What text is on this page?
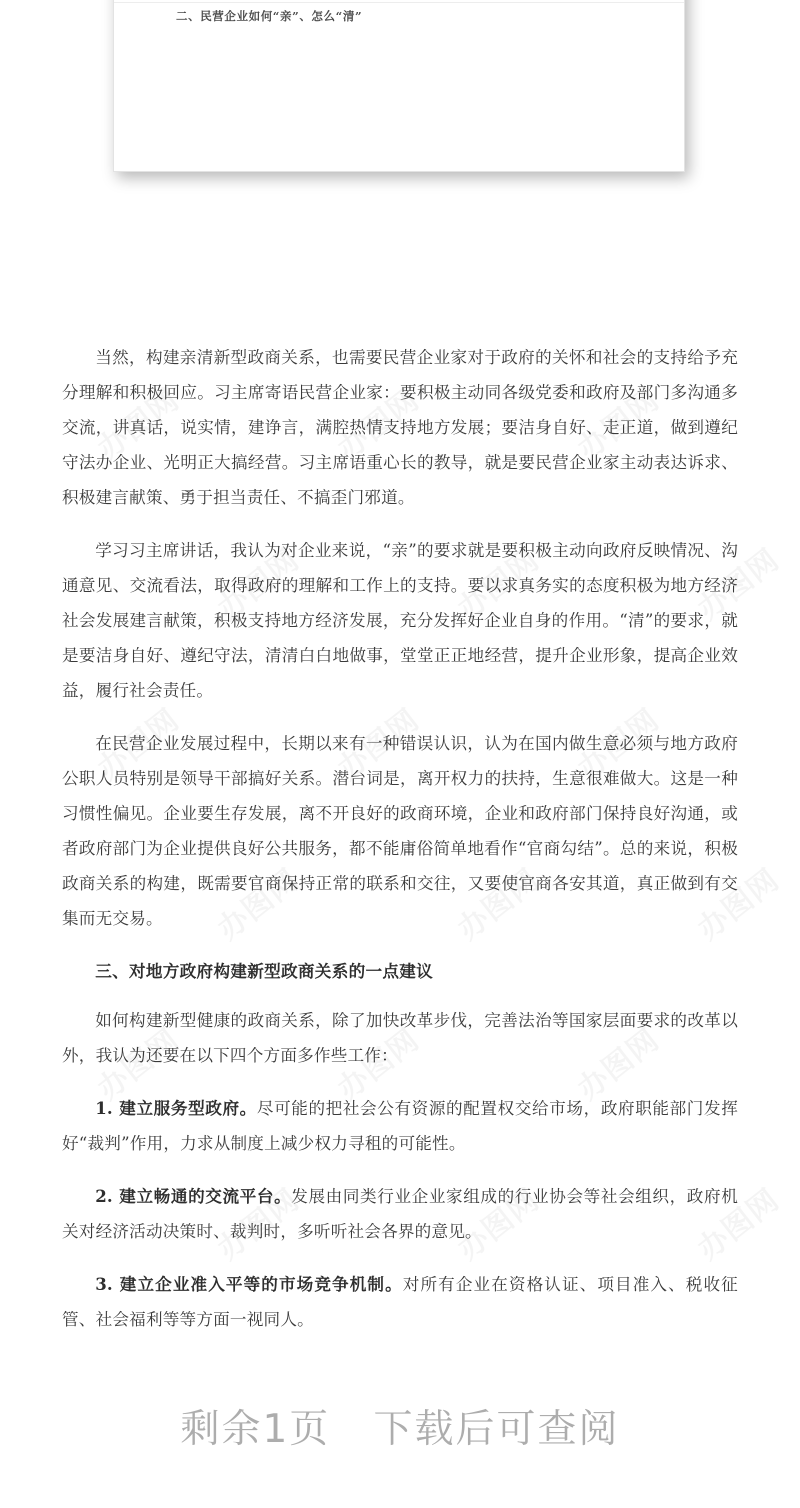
二、民营企业如何“亲”、怎么“清”

当然，构建亲清新型政商关系，也需要民营企业家对于政府的关怀和社会的支持给予充分理解和积极回应。习主席寄语民营企业家：要积极主动同各级党委和政府及部门多沟通多交流，讲真话，说实情，建诤言，满腔热情支持地方发展；要洁身自好、走正道，做到遵纪守法办企业、光明正大搞经营。习主席语重心长的教导，就是要民营企业家主动表达诉求、积极建言献策、勇于担当责任、不搞歪门邪道。

学习习主席讲话，我认为对企业来说，“亲”的要求就是要积极主动向政府反映情况、沟通意见、交流看法，取得政府的理解和工作上的支持。要以求真务实的态度积极为地方经济社会发展建言献策，积极支持地方经济发展，充分发挥好企业自身的作用。“清”的要求，就是要洁身自好、遵纪守法，清清白白地做事，堂堂正正地经营，提升企业形象，提高企业效益，履行社会责任。

在民营企业发展过程中，长期以来有一种错误认识，认为在国内做生意必须与地方政府公职人员特别是领导干部搞好关系。潜台词是，离开权力的扶持，生意很难做大。这是一种习惯性偏见。企业要生存发展，离不开良好的政商环境，企业和政府部门保持良好沟通，或者政府部门为企业提供良好公共服务，都不能庸俗简单地看作“官商勾结”。总的来说，积极政商关系的构建，既需要官商保持正常的联系和交往，又要使官商各安其道，真正做到有交集而无交易。

三、对地方政府构建新型政商关系的一点建议

如何构建新型健康的政商关系，除了加快改革步伐，完善法治等国家层面要求的改革以外，我认为还要在以下四个方面多作些工作：

1. 建立服务型政府。尽可能的把社会公有资源的配置权交给市场，政府职能部门发挥好“裁判”作用，力求从制度上减少权力寻租的可能性。

2. 建立畅通的交流平台。发展由同类行业企业家组成的行业协会等社会组织，政府机关对经济活动决策时、裁判时，多听听社会各界的意见。

3. 建立企业准入平等的市场竞争机制。对所有企业在资格认证、项目准入、税收征管、社会福利等等方面一视同人。

剩余1页   下载后可查阅
